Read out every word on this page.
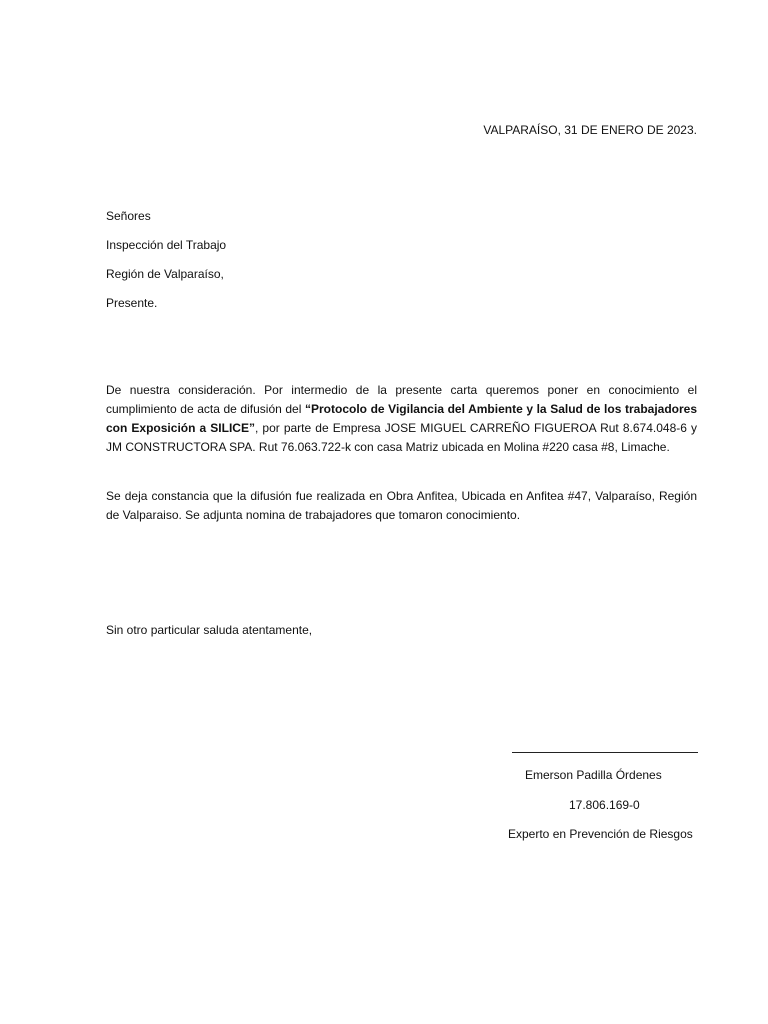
VALPARAÍSO, 31 DE ENERO DE 2023.
Señores
Inspección del Trabajo
Región de Valparaíso,
Presente.
De nuestra consideración. Por intermedio de la presente carta queremos poner en conocimiento el cumplimiento de acta de difusión del “Protocolo de Vigilancia del Ambiente y la Salud de los trabajadores con Exposición a SILICE”, por parte de Empresa JOSE MIGUEL CARREÑO FIGUEROA Rut 8.674.048-6 y JM CONSTRUCTORA SPA. Rut 76.063.722-k con casa Matriz ubicada en Molina #220 casa #8, Limache.
Se deja constancia que la difusión fue realizada en Obra Anfitea, Ubicada en Anfitea #47, Valparaíso, Región de Valparaiso. Se adjunta nomina de trabajadores que tomaron conocimiento.
Sin otro particular saluda atentamente,
Emerson Padilla Órdenes
17.806.169-0
Experto en Prevención de Riesgos
